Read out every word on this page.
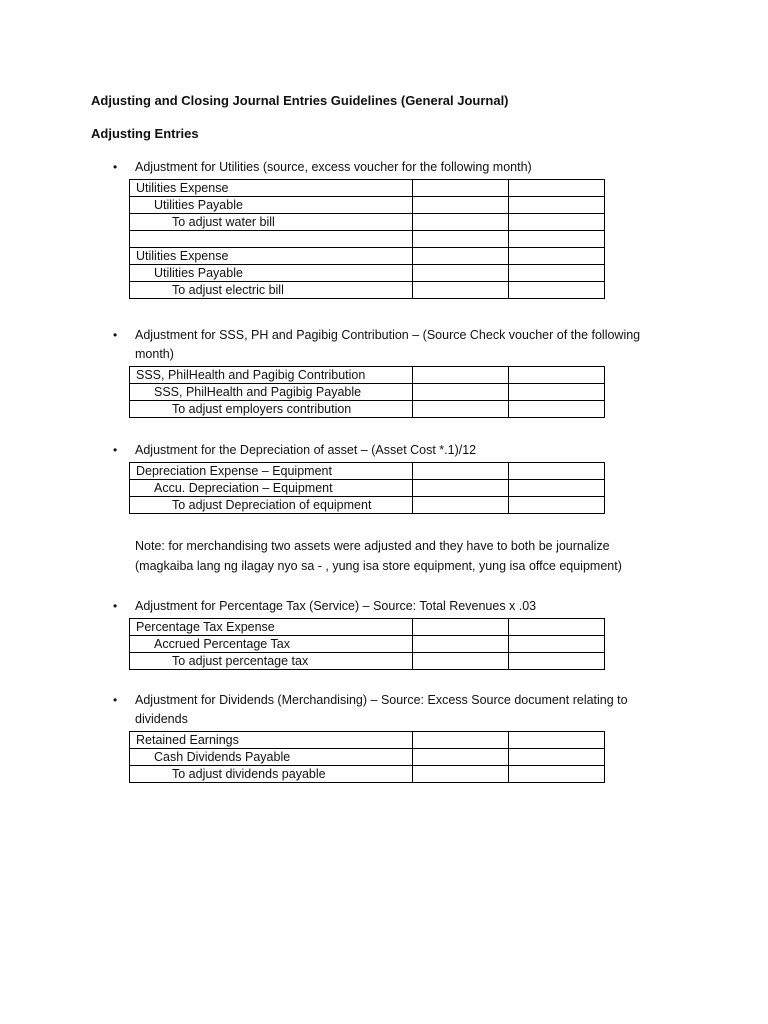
Adjusting and Closing Journal Entries Guidelines (General Journal)
Adjusting Entries
•	Adjustment for Utilities (source, excess voucher for the following month)
Utilities Expense		
Utilities Payable		
To adjust water bill		

Utilities Expense		
Utilities Payable		
To adjust electric bill		
•	Adjustment for SSS, PH and Pagibig Contribution – (Source Check voucher of the following month)
SSS, PhilHealth and Pagibig Contribution		
SSS, PhilHealth and Pagibig Payable		
To adjust employers contribution		
•	Adjustment for the Depreciation of asset – (Asset Cost *.1)/12
Depreciation Expense – Equipment		
Accu. Depreciation – Equipment		
To adjust Depreciation of equipment		
Note: for merchandising two assets were adjusted and they have to both be journalize (magkaiba lang ng ilagay nyo sa - , yung isa store equipment, yung isa offce equipment)
•	Adjustment for Percentage Tax (Service) – Source: Total Revenues x .03
Percentage Tax Expense		
Accrued Percentage Tax		
To adjust percentage tax		
•	Adjustment for Dividends (Merchandising) – Source: Excess Source document relating to dividends
Retained Earnings		
Cash Dividends Payable		
To adjust dividends payable		
